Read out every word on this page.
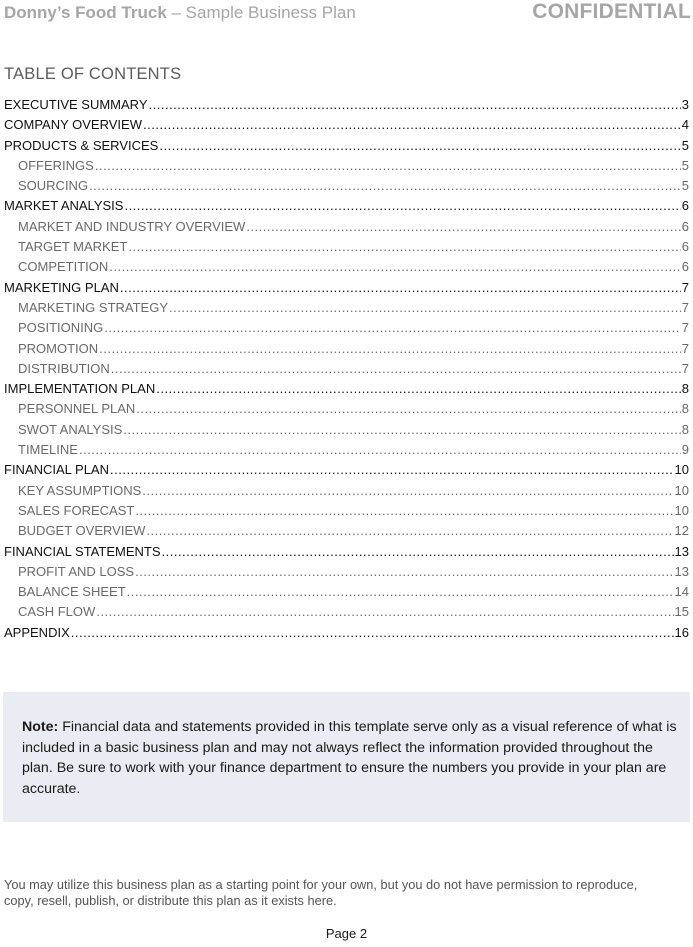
Donny’s Food Truck – Sample Business Plan	CONFIDENTIAL
TABLE OF CONTENTS
EXECUTIVE SUMMARY .....	3
COMPANY OVERVIEW .....	4
PRODUCTS & SERVICES .....	5
OFFERINGS .....	5
SOURCING .....	5
MARKET ANALYSIS .....	6
MARKET AND INDUSTRY OVERVIEW .....	6
TARGET MARKET .....	6
COMPETITION .....	6
MARKETING PLAN .....	7
MARKETING STRATEGY .....	7
POSITIONING .....	7
PROMOTION .....	7
DISTRIBUTION .....	7
IMPLEMENTATION PLAN .....	8
PERSONNEL PLAN .....	8
SWOT ANALYSIS .....	8
TIMELINE .....	9
FINANCIAL PLAN .....	10
KEY ASSUMPTIONS .....	10
SALES FORECAST .....	10
BUDGET OVERVIEW .....	12
FINANCIAL STATEMENTS .....	13
PROFIT AND LOSS .....	13
BALANCE SHEET .....	14
CASH FLOW .....	15
APPENDIX .....	16
Note: Financial data and statements provided in this template serve only as a visual reference of what is included in a basic business plan and may not always reflect the information provided throughout the plan. Be sure to work with your finance department to ensure the numbers you provide in your plan are accurate.
You may utilize this business plan as a starting point for your own, but you do not have permission to reproduce, copy, resell, publish, or distribute this plan as it exists here.
Page 2
